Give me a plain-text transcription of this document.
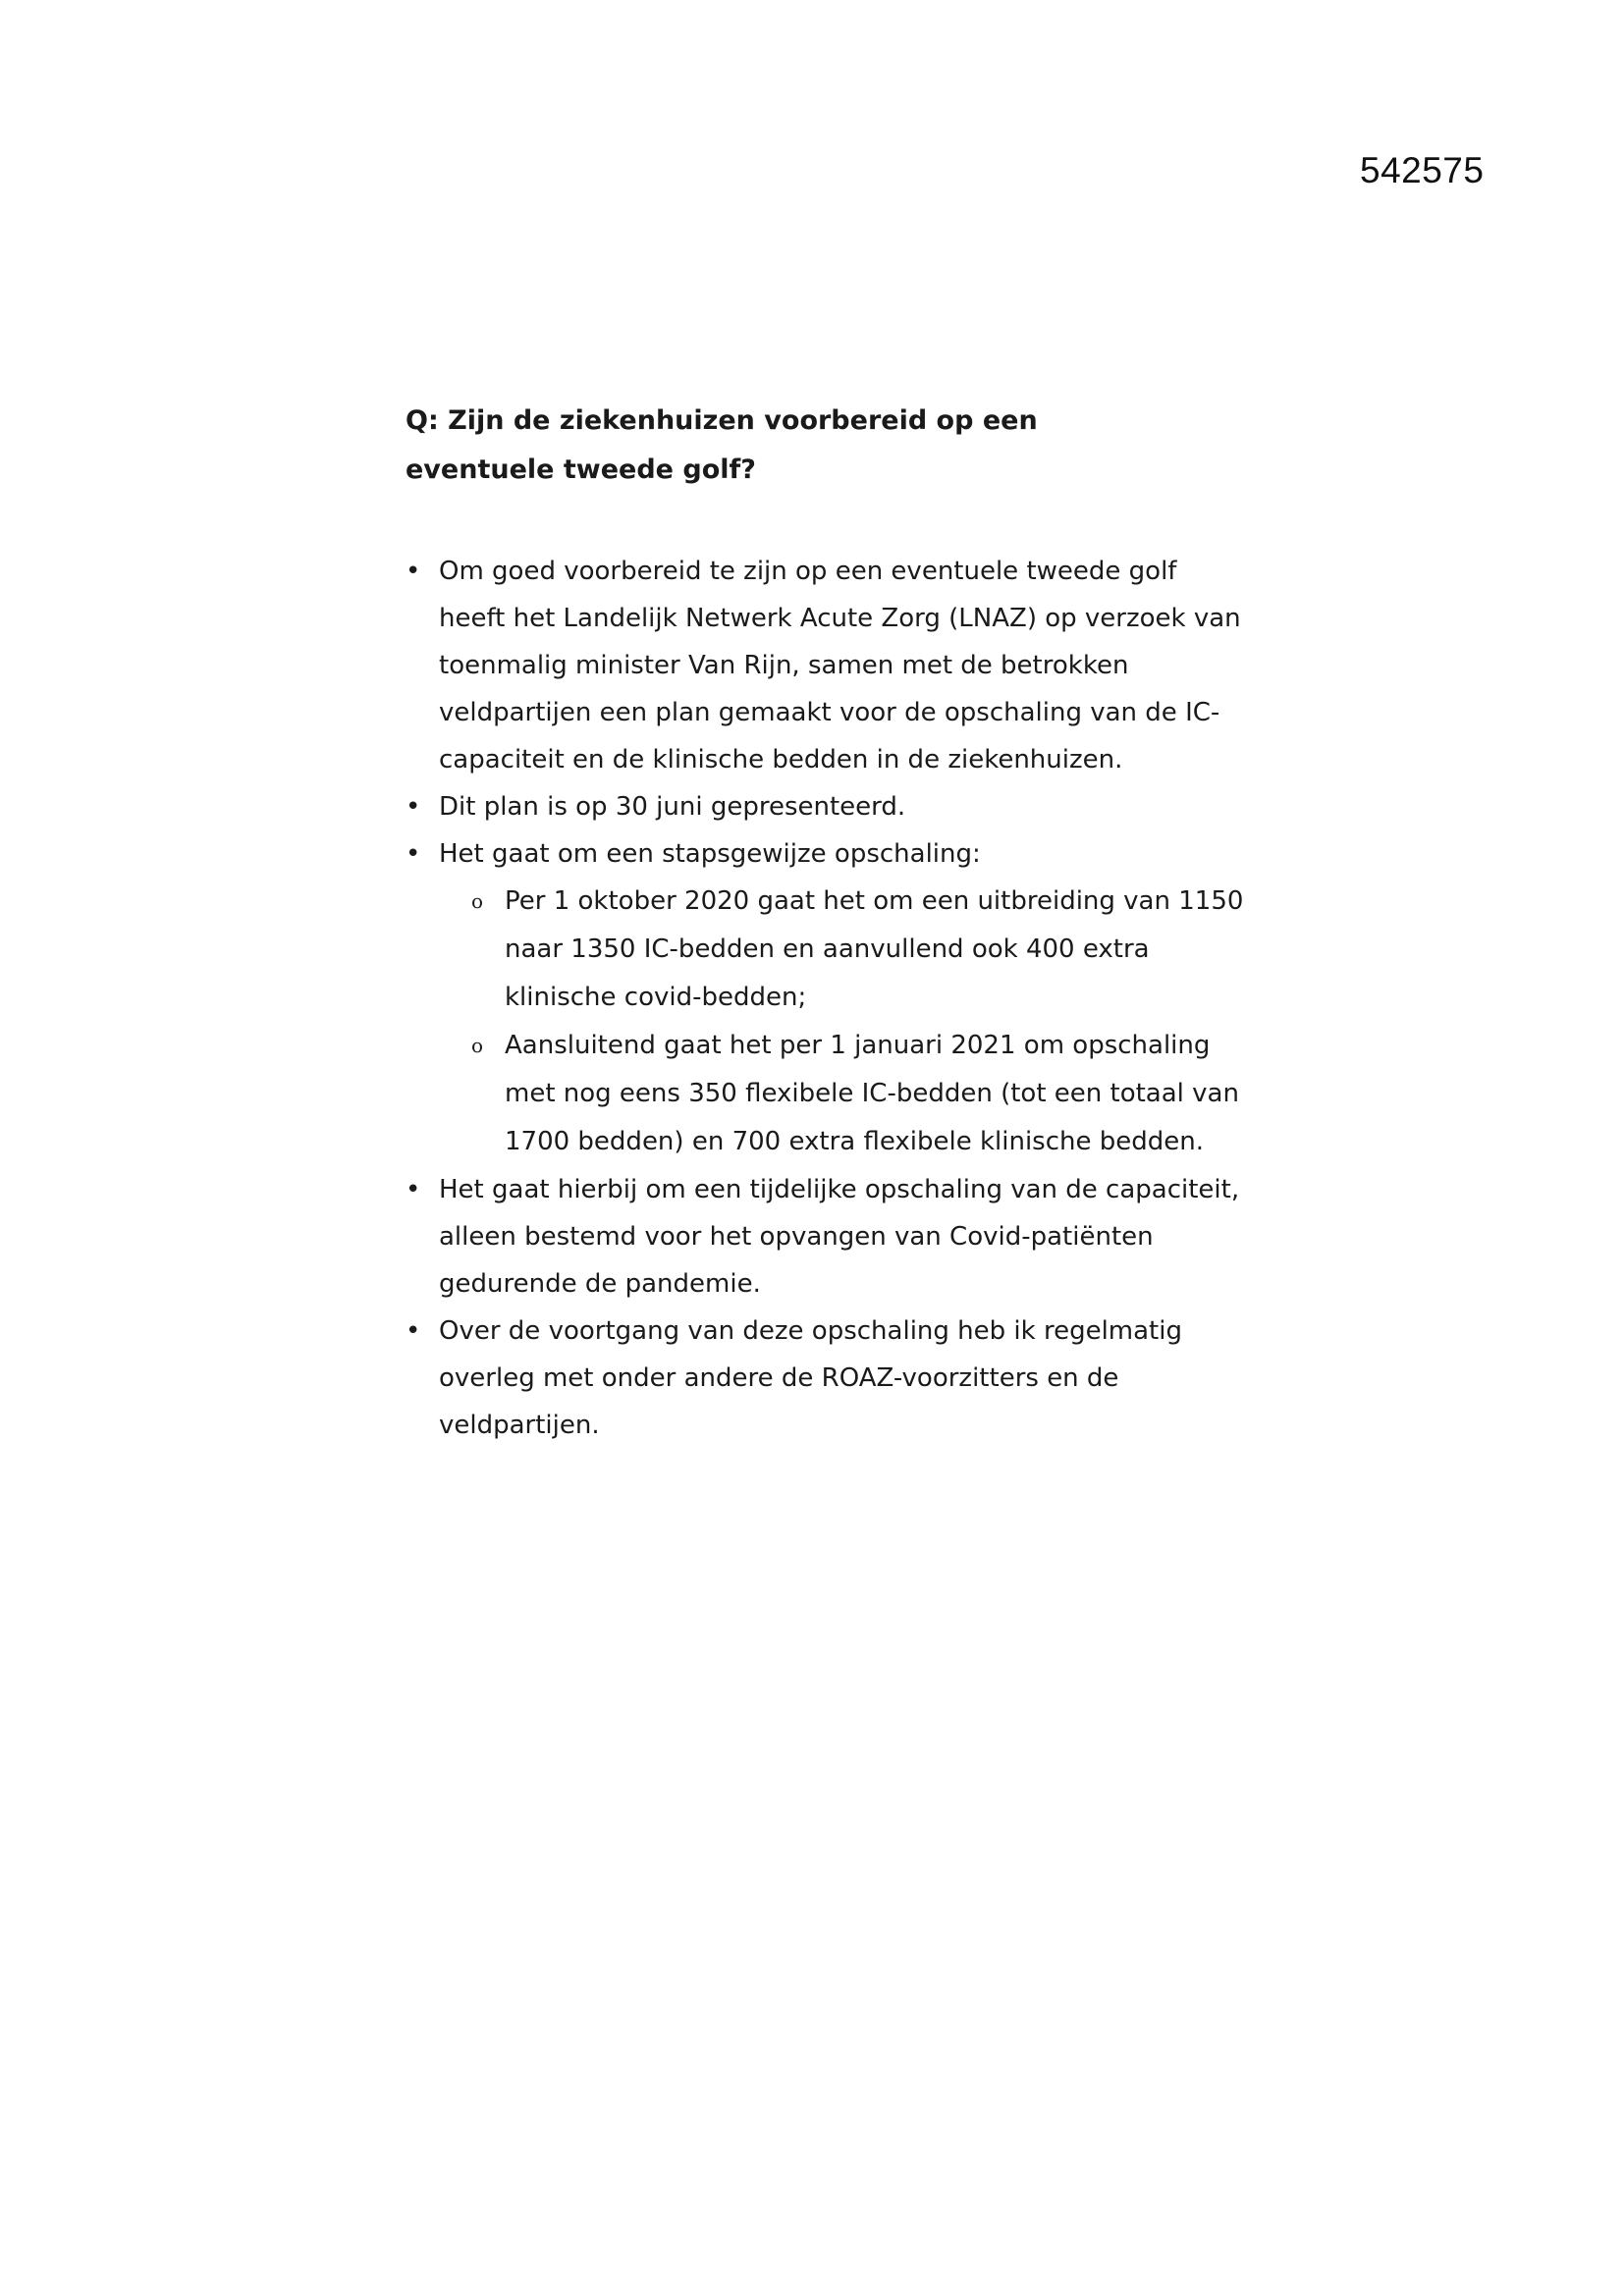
542575

Q: Zijn de ziekenhuizen voorbereid op een eventuele tweede golf?

• Om goed voorbereid te zijn op een eventuele tweede golf heeft het Landelijk Netwerk Acute Zorg (LNAZ) op verzoek van toenmalig minister Van Rijn, samen met de betrokken veldpartijen een plan gemaakt voor de opschaling van de IC-capaciteit en de klinische bedden in de ziekenhuizen.
• Dit plan is op 30 juni gepresenteerd.
• Het gaat om een stapsgewijze opschaling:
o Per 1 oktober 2020 gaat het om een uitbreiding van 1150 naar 1350 IC-bedden en aanvullend ook 400 extra klinische covid-bedden;
o Aansluitend gaat het per 1 januari 2021 om opschaling met nog eens 350 flexibele IC-bedden (tot een totaal van 1700 bedden) en 700 extra flexibele klinische bedden.
• Het gaat hierbij om een tijdelijke opschaling van de capaciteit, alleen bestemd voor het opvangen van Covid-patiënten gedurende de pandemie.
• Over de voortgang van deze opschaling heb ik regelmatig overleg met onder andere de ROAZ-voorzitters en de veldpartijen.
